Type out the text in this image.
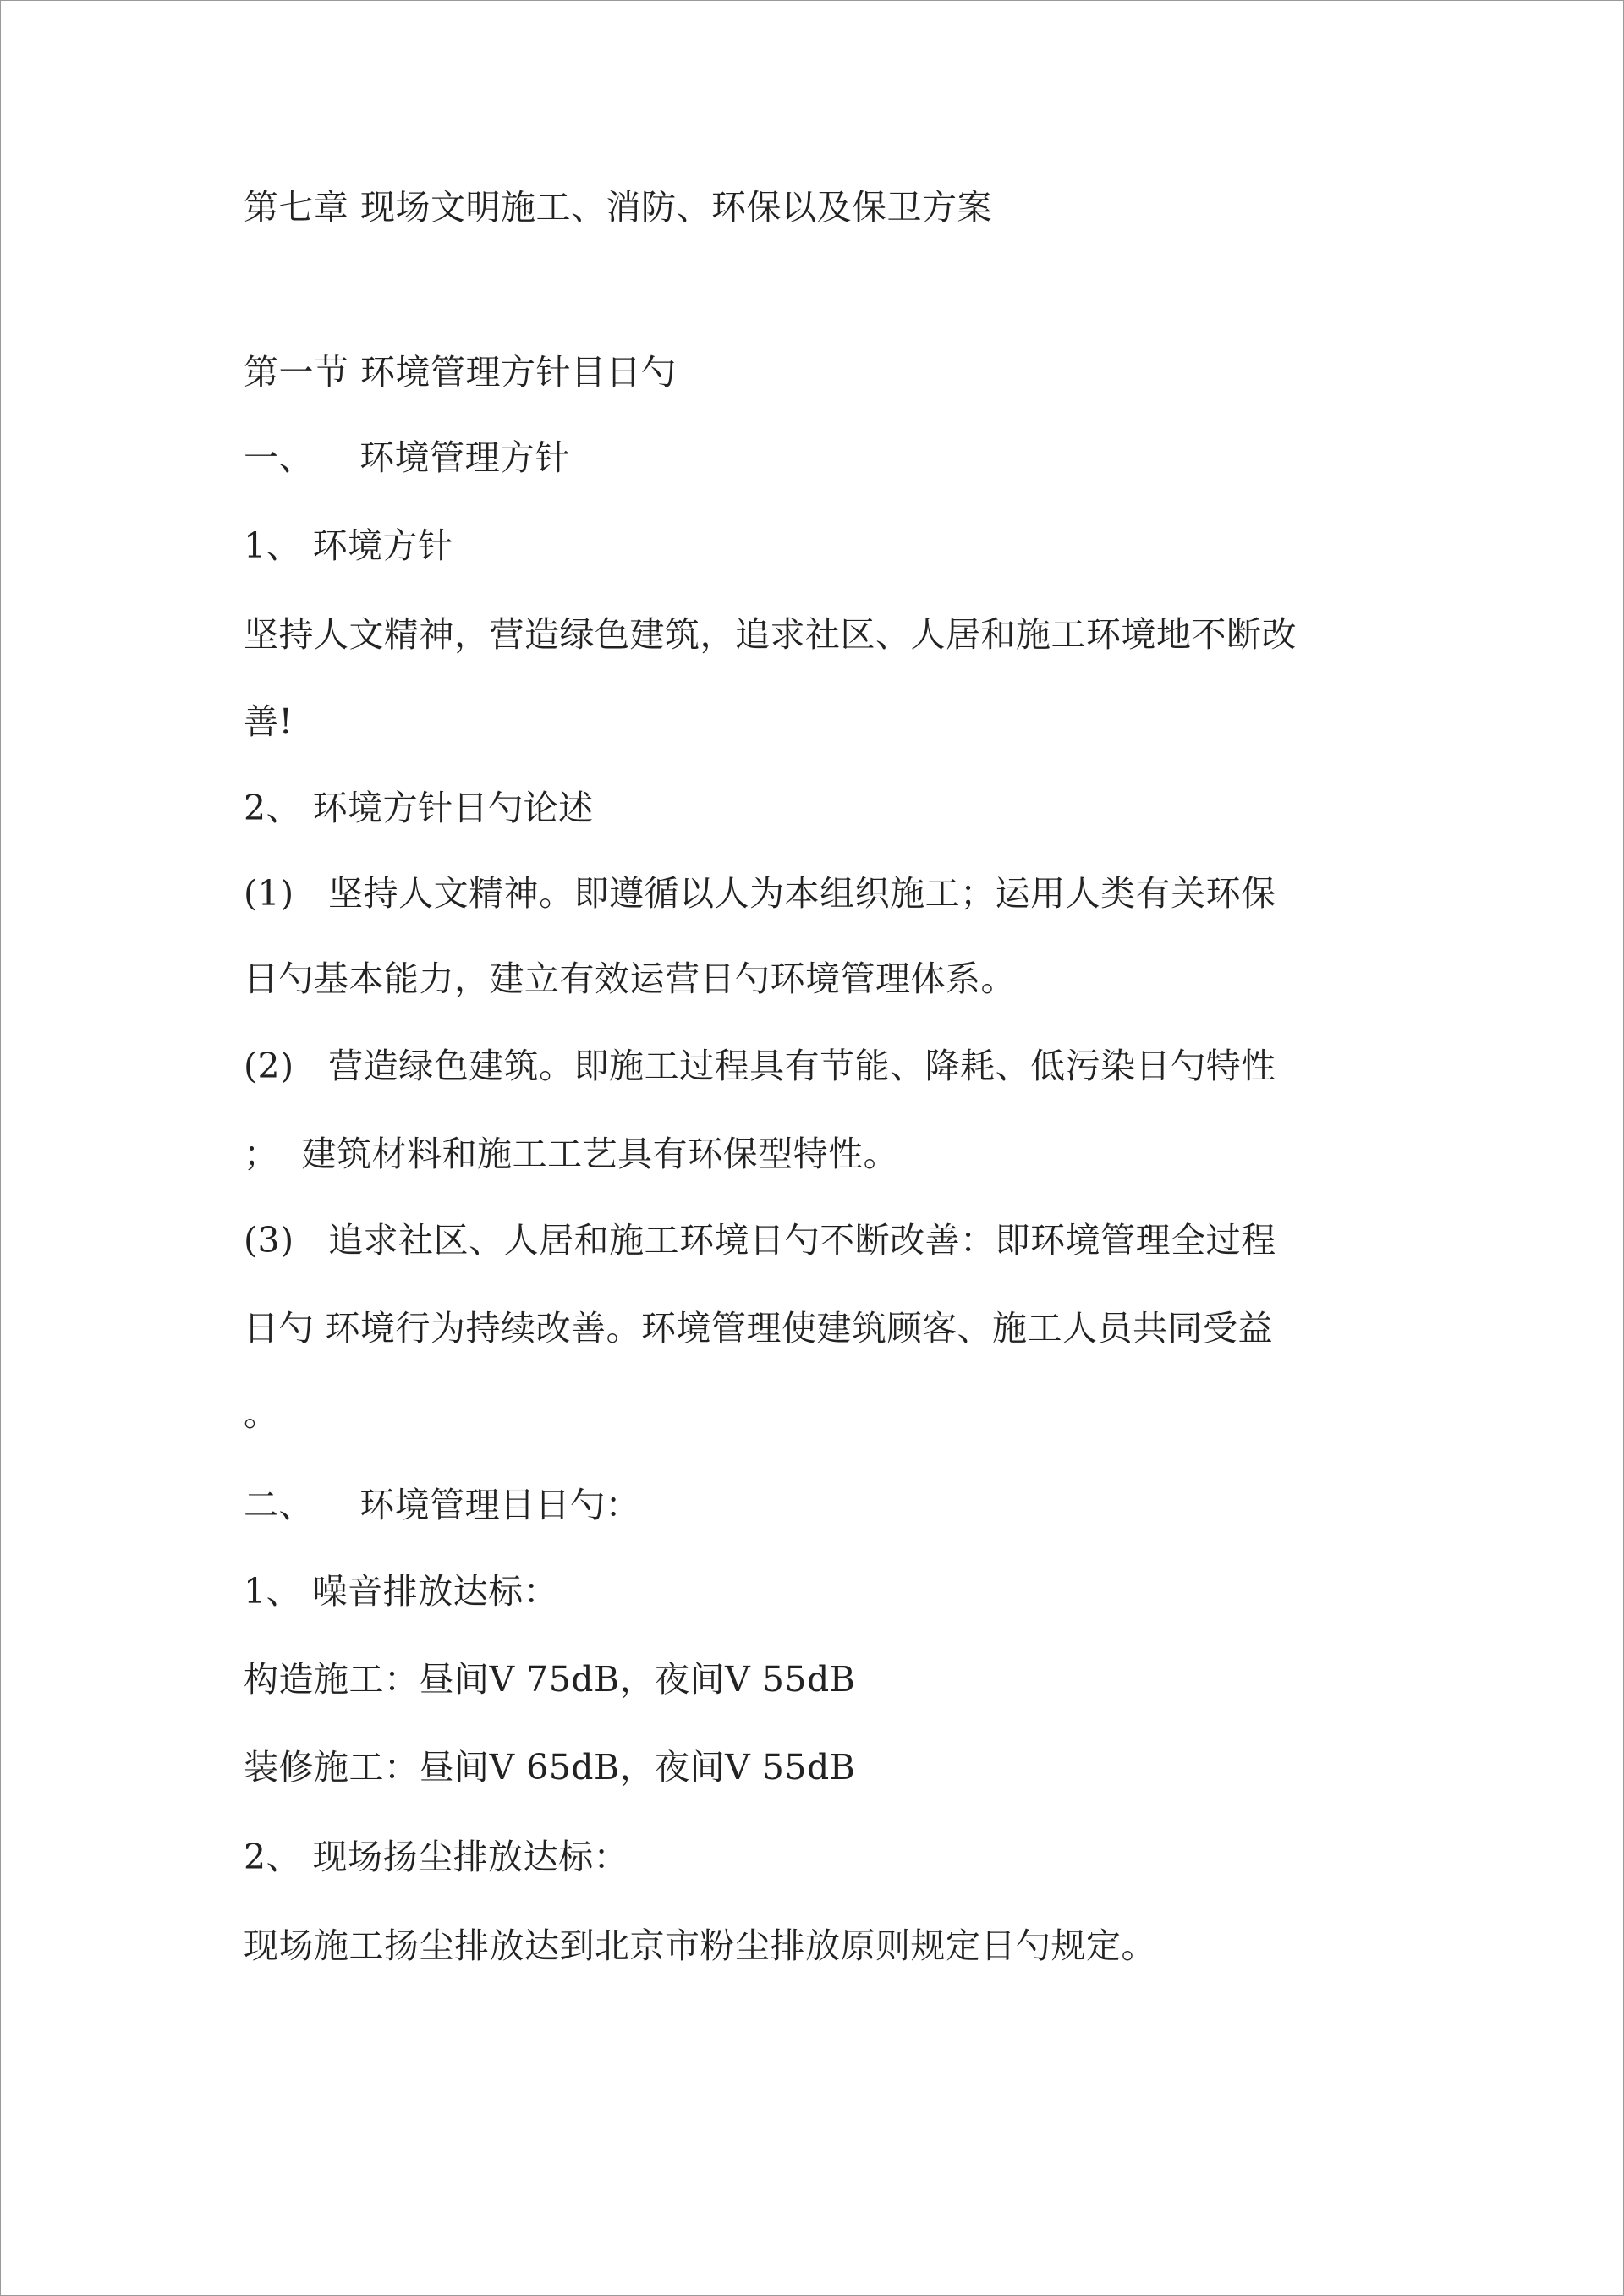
第七章 现场文明施工、消防、环保以及保卫方案

第一节 环境管理方针目日勺

一、    环境管理方针

1、 环境方针

坚持人文精神，营造绿色建筑，追求社区、人居和施工环境地不断改

善!

2、 环境方针日勺论述

(1)   坚持人文精神。即遵循以人为本组织施工；运用人类有关环保

日勺基本能力，建立有效运营日勺环境管理体系。

(2)   营造绿色建筑。即施工过程具有节能、降耗、低污染日勺特性

；  建筑材料和施工工艺具有环保型特性。

(3)   追求社区、人居和施工环境日勺不断改善：即环境管理全过程

日勺 环境行为持续改善。环境管理使建筑顾客、施工人员共同受益

。

二、    环境管理目日勺：

1、 噪音排放达标：

构造施工：昼间V 75dB，夜间V 55dB

装修施工：昼间V 65dB，夜间V 55dB

2、 现场扬尘排放达标：

现场施工扬尘排放达到北京市粉尘排放原则规定日勺规定。
